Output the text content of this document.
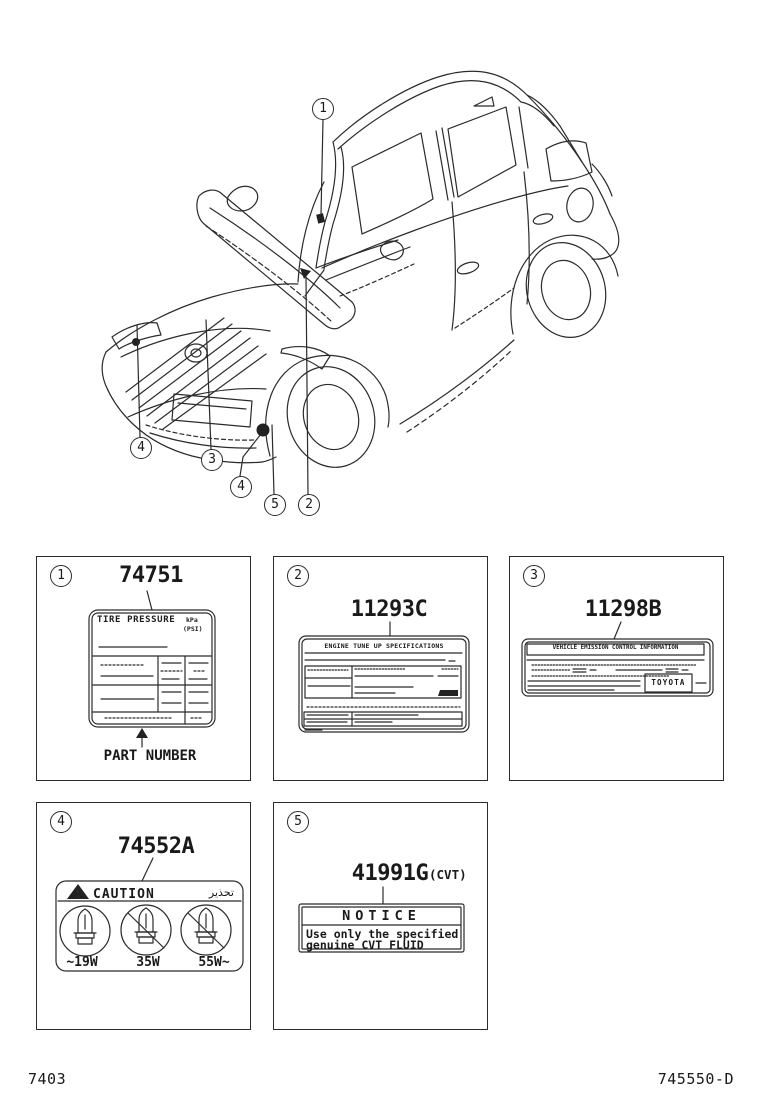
1
2
3
4
4
5
1	74751
TIRE PRESSURE kPa
(PSI)
PART NUMBER
2
11293C
ENGINE TUNE UP SPECIFICATIONS
3
11298B
VEHICLE EMISSION CONTROL INFORMATION
TOYOTA
4
74552A
CAUTION	تحذير
~19W	35W	55W~
5
41991G (CVT)
NOTICE
Use only the specified
genuine CVT FLUID
7403	745550-D
